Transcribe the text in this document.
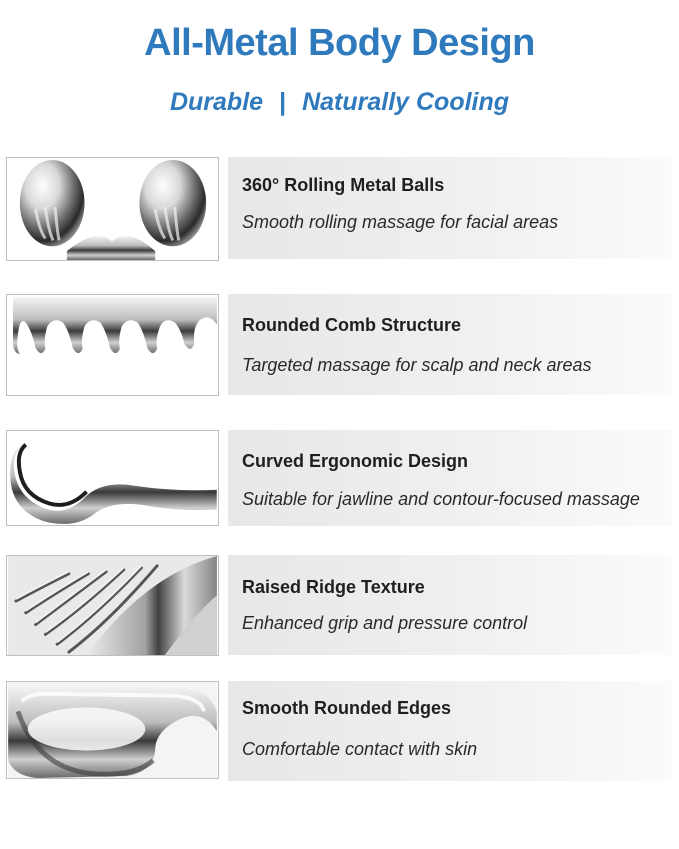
All-Metal Body Design
Durable | Naturally Cooling
360° Rolling Metal Balls
Smooth rolling massage for facial areas
Rounded Comb Structure
Targeted massage for scalp and neck areas
Curved Ergonomic Design
Suitable for jawline and contour-focused massage
Raised Ridge Texture
Enhanced grip and pressure control
Smooth Rounded Edges
Comfortable contact with skin
